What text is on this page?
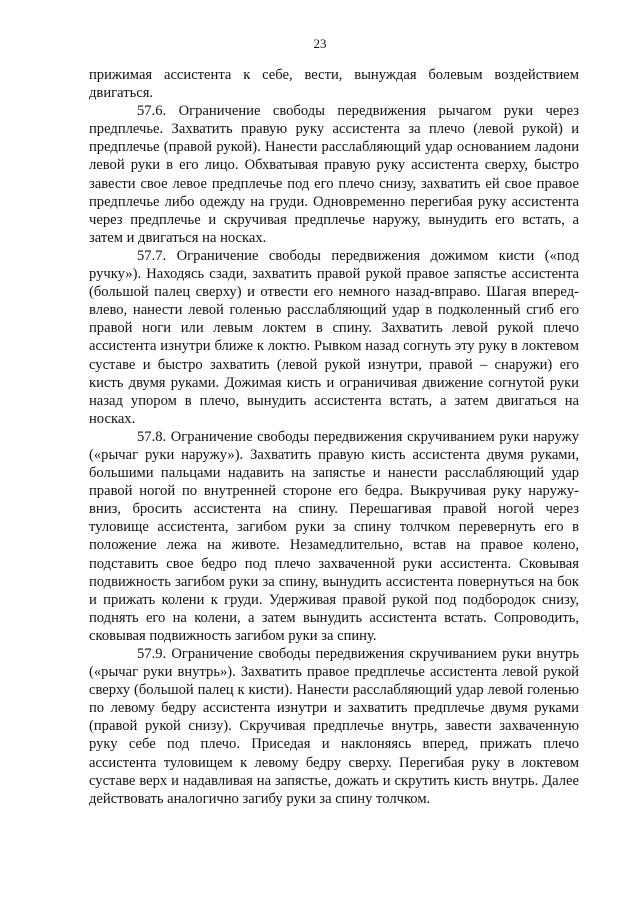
23

прижимая ассистента к себе, вести, вынуждая болевым воздействием двигаться.

57.6. Ограничение свободы передвижения рычагом руки через предплечье. Захватить правую руку ассистента за плечо (левой рукой) и предплечье (правой рукой). Нанести расслабляющий удар основанием ладони левой руки в его лицо. Обхватывая правую руку ассистента сверху, быстро завести свое левое предплечье под его плечо снизу, захватить ей свое правое предплечье либо одежду на груди. Одновременно перегибая руку ассистента через предплечье и скручивая предплечье наружу, вынудить его встать, а затем и двигаться на носках.

57.7. Ограничение свободы передвижения дожимом кисти («под ручку»). Находясь сзади, захватить правой рукой правое запястье ассистента (большой палец сверху) и отвести его немного назад-вправо. Шагая вперед-влево, нанести левой голенью расслабляющий удар в подколенный сгиб его правой ноги или левым локтем в спину. Захватить левой рукой плечо ассистента изнутри ближе к локтю. Рывком назад согнуть эту руку в локтевом суставе и быстро захватить (левой рукой изнутри, правой – снаружи) его кисть двумя руками. Дожимая кисть и ограничивая движение согнутой руки назад упором в плечо, вынудить ассистента встать, а затем двигаться на носках.

57.8. Ограничение свободы передвижения скручиванием руки наружу («рычаг руки наружу»). Захватить правую кисть ассистента двумя руками, большими пальцами надавить на запястье и нанести расслабляющий удар правой ногой по внутренней стороне его бедра. Выкручивая руку наружу-вниз, бросить ассистента на спину. Перешагивая правой ногой через туловище ассистента, загибом руки за спину толчком перевернуть его в положение лежа на животе. Незамедлительно, встав на правое колено, подставить свое бедро под плечо захваченной руки ассистента. Сковывая подвижность загибом руки за спину, вынудить ассистента повернуться на бок и прижать колени к груди. Удерживая правой рукой под подбородок снизу, поднять его на колени, а затем вынудить ассистента встать. Сопроводить, сковывая подвижность загибом руки за спину.

57.9. Ограничение свободы передвижения скручиванием руки внутрь («рычаг руки внутрь»). Захватить правое предплечье ассистента левой рукой сверху (большой палец к кисти). Нанести расслабляющий удар левой голенью по левому бедру ассистента изнутри и захватить предплечье двумя руками (правой рукой снизу). Скручивая предплечье внутрь, завести захваченную руку себе под плечо. Приседая и наклоняясь вперед, прижать плечо ассистента туловищем к левому бедру сверху. Перегибая руку в локтевом суставе верх и надавливая на запястье, дожать и скрутить кисть внутрь. Далее действовать аналогично загибу руки за спину толчком.
